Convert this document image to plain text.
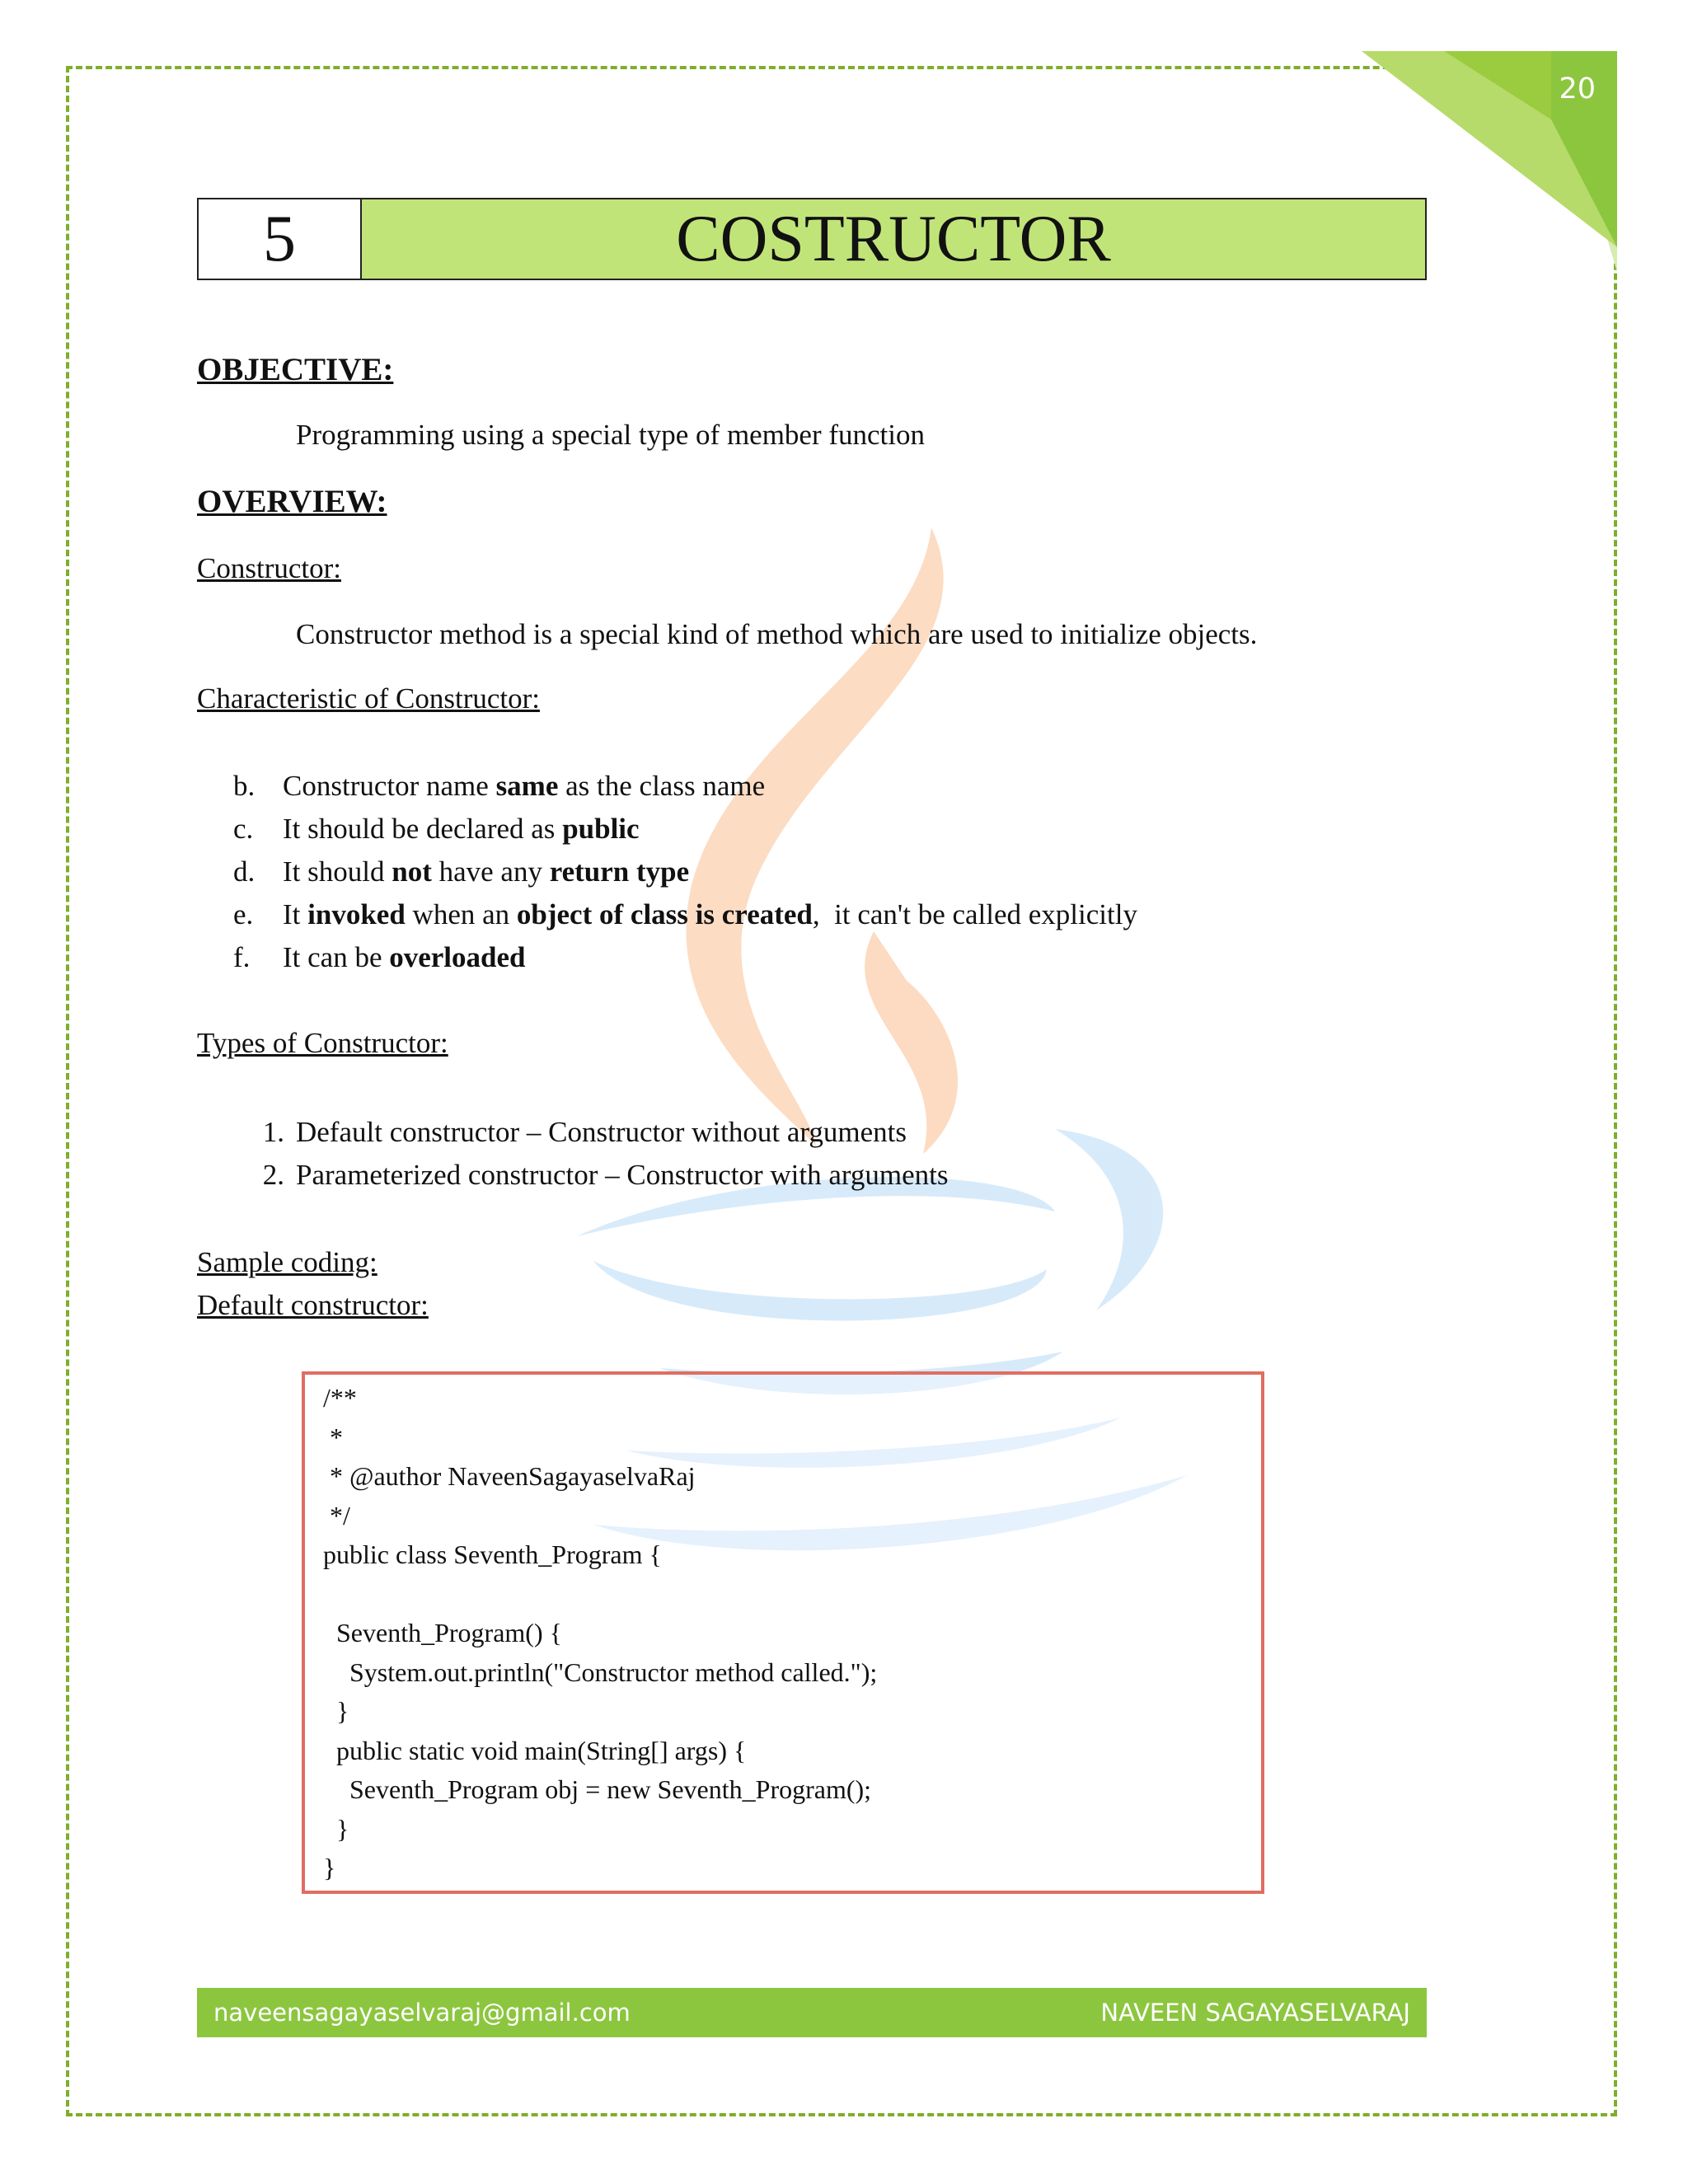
20
5	COSTRUCTOR

OBJECTIVE:

Programming using a special type of member function

OVERVIEW:

Constructor:

Constructor method is a special kind of method which are used to initialize objects.

Characteristic of Constructor:

b. Constructor name same as the class name

c. It should be declared as public

d. It should not have any return type

e. It invoked when an object of class is created,  it can't be called explicitly

f. It can be overloaded

Types of Constructor:

1. Default constructor – Constructor without arguments

2. Parameterized constructor – Constructor with arguments

Sample coding:

Default constructor:

/**

*

* @author NaveenSagayaselvaRaj

*/

public class Seventh_Program {

Seventh_Program() {

System.out.println("Constructor method called.");

}

public static void main(String[] args) {

Seventh_Program obj = new Seventh_Program();

}

}

naveensagayaselvaraj@gmail.com	NAVEEN SAGAYASELVARAJ
